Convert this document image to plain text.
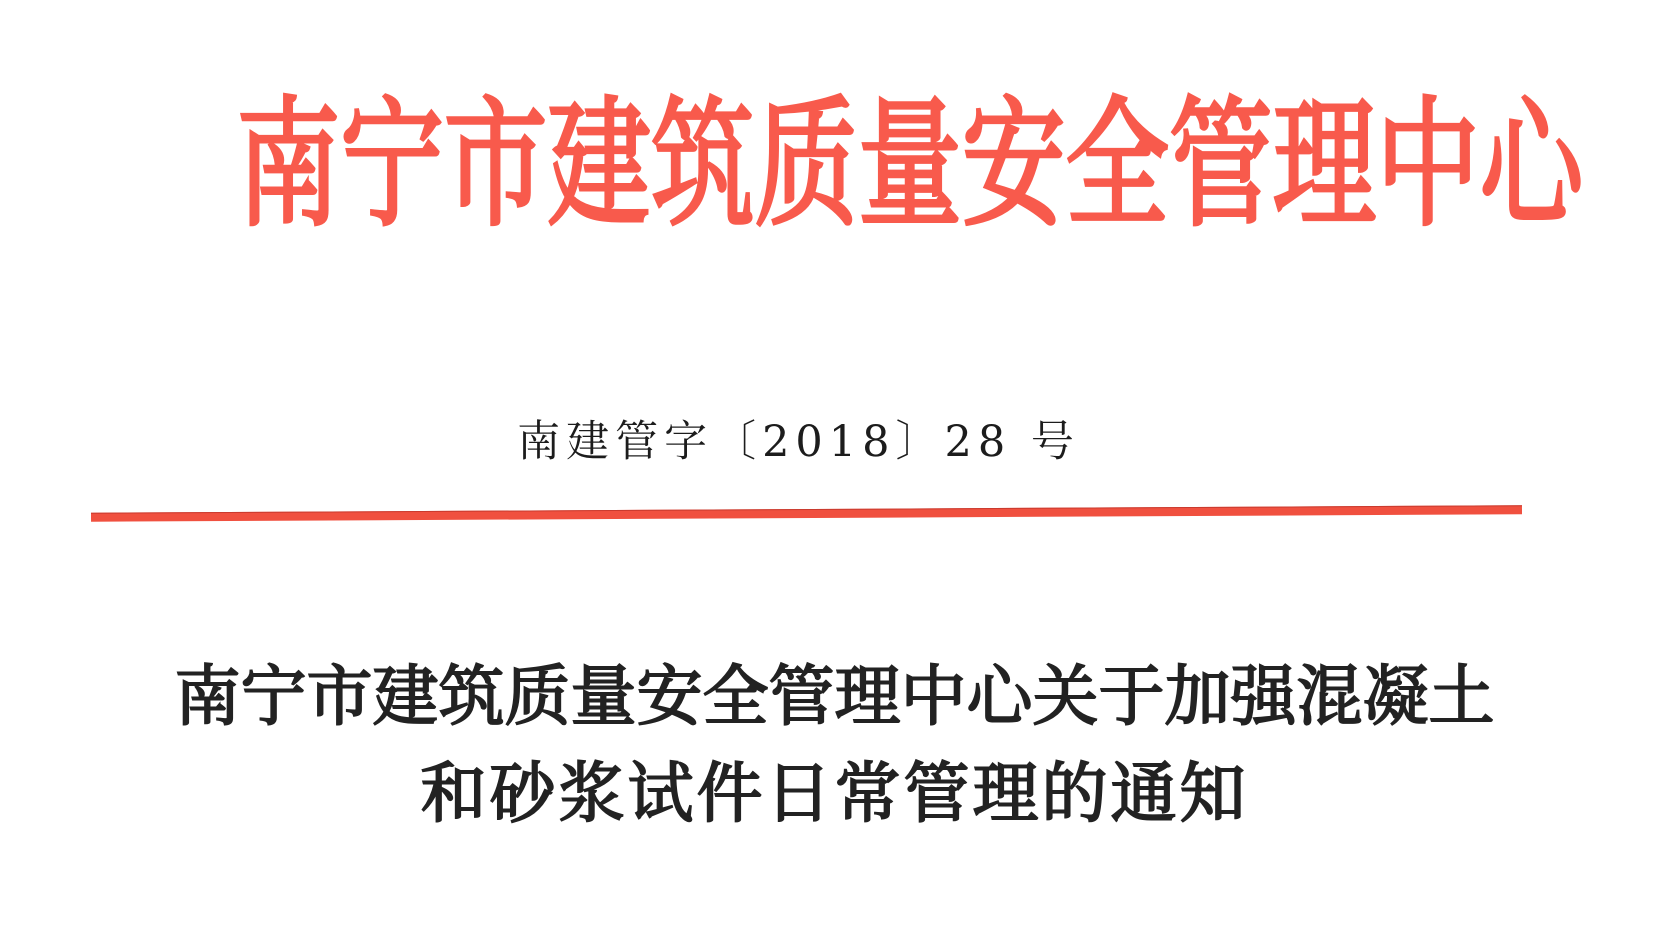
南宁市建筑质量安全管理中心
南建管字〔2018〕28 号
南宁市建筑质量安全管理中心关于加强混凝土
和砂浆试件日常管理的通知
